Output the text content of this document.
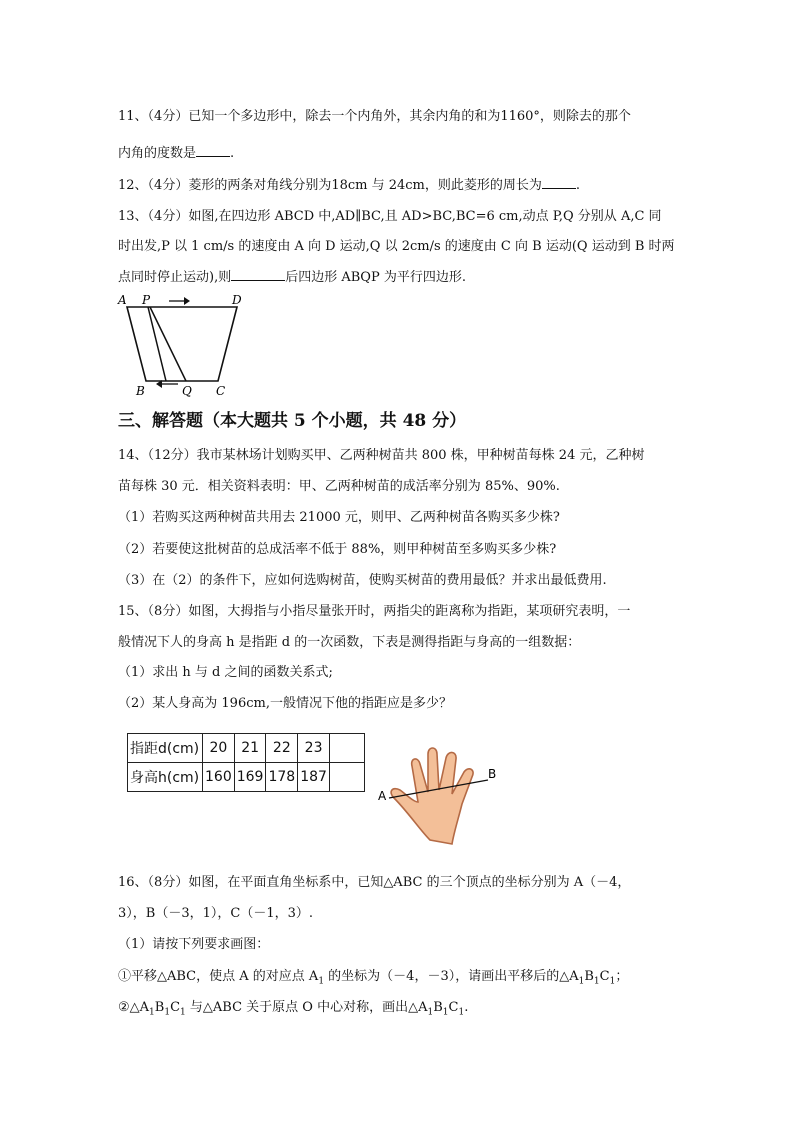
11、（4分）已知一个多边形中，除去一个内角外，其余内角的和为1160°，则除去的那个
内角的度数是	.
12、（4分）菱形的两条对角线分别为18cm 与 24cm，则此菱形的周长为	.
13、（4分）如图,在四边形 ABCD 中,AD∥BC,且 AD>BC,BC=6 cm,动点 P,Q 分别从 A,C 同
时出发,P 以 1 cm/s 的速度由 A 向 D 运动,Q 以 2cm/s 的速度由 C 向 B 运动(Q 运动到 B 时两
点同时停止运动),则	后四边形 ABQP 为平行四边形.
A P	D
B	Q C
三、解答题（本大题共 5 个小题，共 48 分）
14、（12分）我市某林场计划购买甲、乙两种树苗共 800 株，甲种树苗每株 24 元，乙种树
苗每株 30 元．相关资料表明：甲、乙两种树苗的成活率分别为 85%、90%.
（1）若购买这两种树苗共用去 21000 元，则甲、乙两种树苗各购买多少株?
（2）若要使这批树苗的总成活率不低于 88%，则甲种树苗至多购买多少株?
（3）在（2）的条件下，应如何选购树苗，使购买树苗的费用最低？并求出最低费用.
15、（8分）如图，大拇指与小指尽量张开时，两指尖的距离称为指距，某项研究表明，一
般情况下人的身高 h 是指距 d 的一次函数，下表是测得指距与身高的一组数据：
（1）求出 h 与 d 之间的函数关系式;
（2）某人身高为 196cm,一般情况下他的指距应是多少？
指距d(cm)	20	21	22	23	
身高h(cm)	160	169	178	187	
A
B
16、（8分）如图，在平面直角坐标系中，已知△ABC 的三个顶点的坐标分别为 A（－4，
3），B（－3，1），C（－1，3）.
（1）请按下列要求画图：
①平移△ABC，使点 A 的对应点 $A_1$ 的坐标为（－4，－3），请画出平移后的$\triangle A_1B_1C_1$；
$②\triangle A_1B_1C_1$ 与△ABC 关于原点 O 中心对称，画出$\triangle A_1B_1C_1$.
